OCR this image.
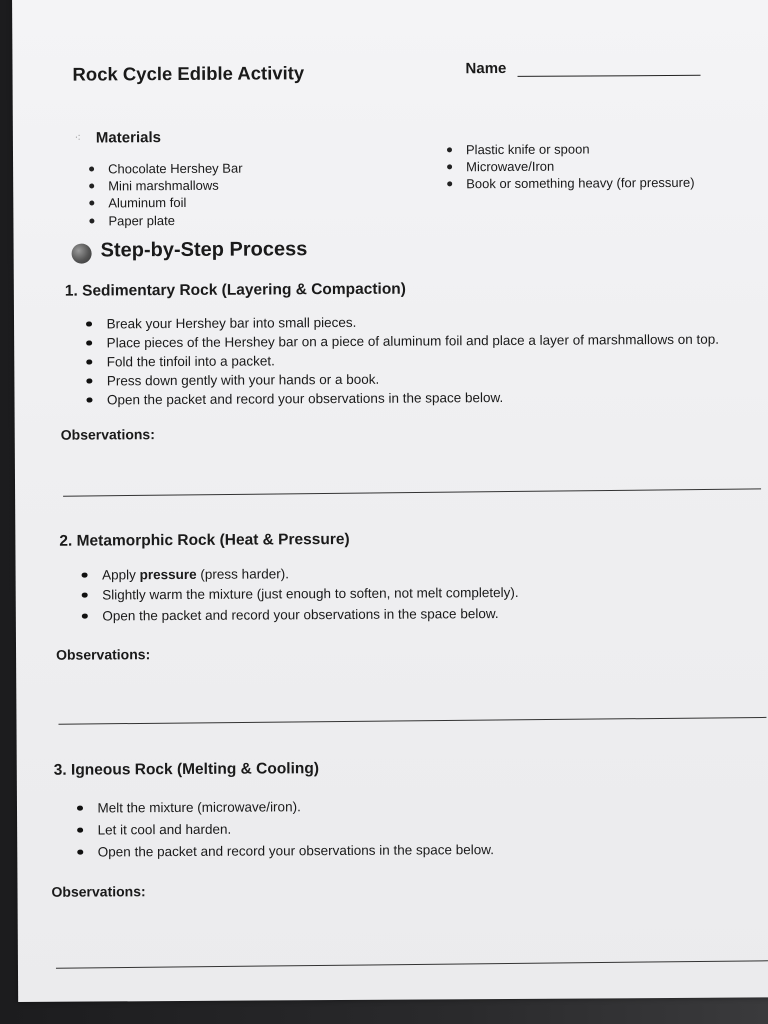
Rock Cycle Edible Activity	Name
·: Materials
Chocolate Hershey Bar
Mini marshmallows
Aluminum foil
Paper plate
Plastic knife or spoon
Microwave/Iron
Book or something heavy (for pressure)
Step-by-Step Process
1. Sedimentary Rock (Layering & Compaction)
Break your Hershey bar into small pieces.
Place pieces of the Hershey bar on a piece of aluminum foil and place a layer of marshmallows on top.
Fold the tinfoil into a packet.
Press down gently with your hands or a book.
Open the packet and record your observations in the space below.
Observations:
2. Metamorphic Rock (Heat & Pressure)
Apply pressure (press harder).
Slightly warm the mixture (just enough to soften, not melt completely).
Open the packet and record your observations in the space below.
Observations:
3. Igneous Rock (Melting & Cooling)
Melt the mixture (microwave/iron).
Let it cool and harden.
Open the packet and record your observations in the space below.
Observations:
